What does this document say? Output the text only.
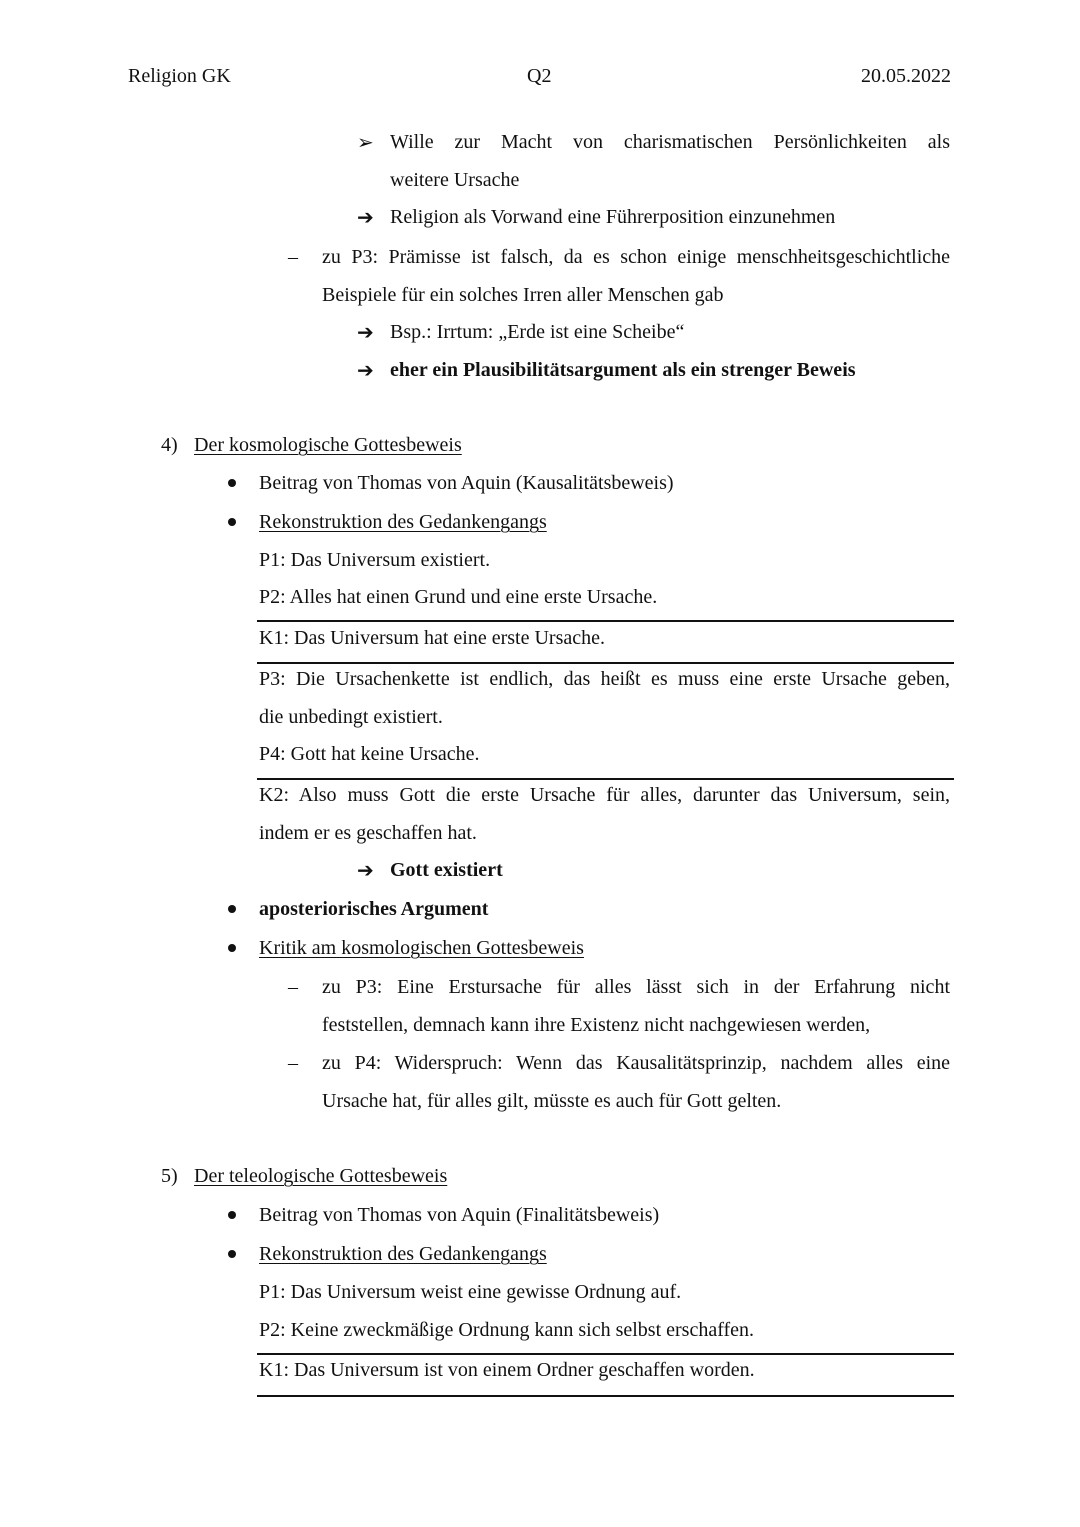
Religion GK	Q2	20.05.2022
➢ Wille zur Macht von charismatischen Persönlichkeiten als
weitere Ursache
➔ Religion als Vorwand eine Führerposition einzunehmen
– zu P3: Prämisse ist falsch, da es schon einige menschheitsgeschichtliche
Beispiele für ein solches Irren aller Menschen gab
➔ Bsp.: Irrtum: „Erde ist eine Scheibe“
➔ eher ein Plausibilitätsargument als ein strenger Beweis
4) Der kosmologische Gottesbeweis
Beitrag von Thomas von Aquin (Kausalitätsbeweis)
Rekonstruktion des Gedankengangs
P1: Das Universum existiert.
P2: Alles hat einen Grund und eine erste Ursache.
K1: Das Universum hat eine erste Ursache.
P3: Die Ursachenkette ist endlich, das heißt es muss eine erste Ursache geben,
die unbedingt existiert.
P4: Gott hat keine Ursache.
K2: Also muss Gott die erste Ursache für alles, darunter das Universum, sein,
indem er es geschaffen hat.
➔ Gott existiert
aposteriorisches Argument
Kritik am kosmologischen Gottesbeweis
– zu P3: Eine Erstursache für alles lässt sich in der Erfahrung nicht
feststellen, demnach kann ihre Existenz nicht nachgewiesen werden,
– zu P4: Widerspruch: Wenn das Kausalitätsprinzip, nachdem alles eine
Ursache hat, für alles gilt, müsste es auch für Gott gelten.
5) Der teleologische Gottesbeweis
Beitrag von Thomas von Aquin (Finalitätsbeweis)
Rekonstruktion des Gedankengangs
P1: Das Universum weist eine gewisse Ordnung auf.
P2: Keine zweckmäßige Ordnung kann sich selbst erschaffen.
K1: Das Universum ist von einem Ordner geschaffen worden.
